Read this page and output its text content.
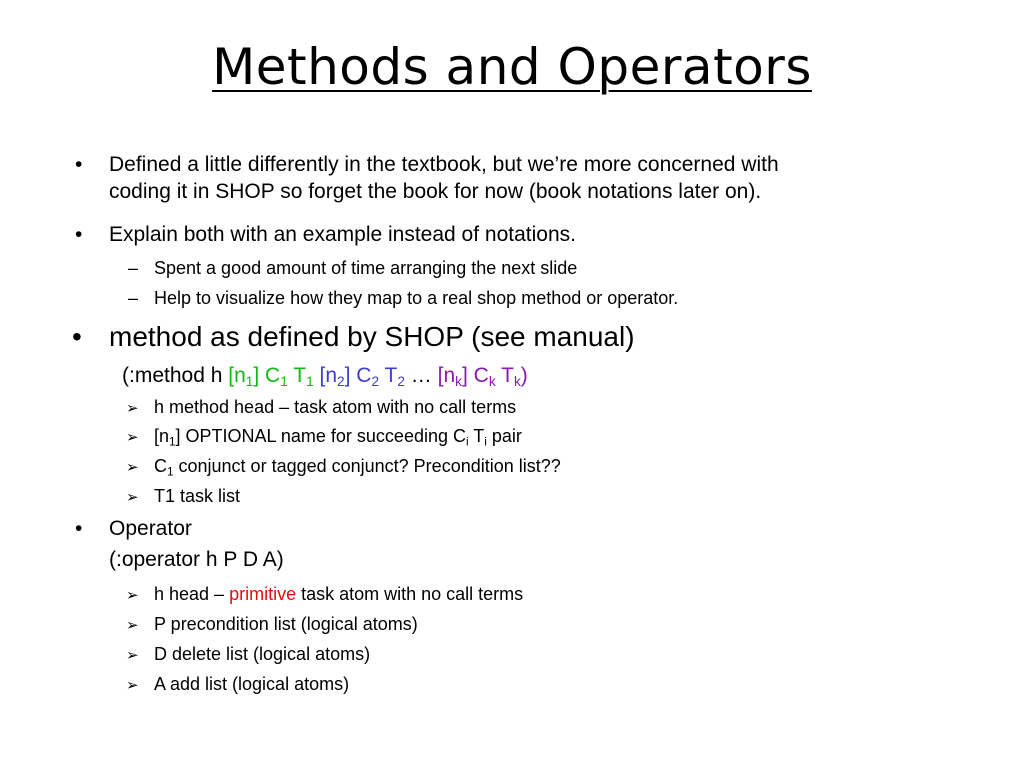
Methods and Operators
• Defined a little differently in the textbook, but we’re more concerned with
coding it in SHOP so forget the book for now (book notations later on).
• Explain both with an example instead of notations.
– Spent a good amount of time arranging the next slide
– Help to visualize how they map to a real shop method or operator.
• method as defined by SHOP (see manual)
(:method h $[n_1]$ $C_1$ $T_1$ $[n_2]$ $C_2$ $T_2$ … $[n_k]$ $C_k$ $T_k$)
➢ h method head – task atom with no call terms
➢ $[n_1]$ OPTIONAL name for succeeding $C_i$ $T_i$ pair
➢ $C_1$ conjunct or tagged conjunct? Precondition list??
➢ T1 task list
• Operator
(:operator h P D A)
➢ h head – primitive task atom with no call terms
➢ P precondition list (logical atoms)
➢ D delete list (logical atoms)
➢ A add list (logical atoms)
